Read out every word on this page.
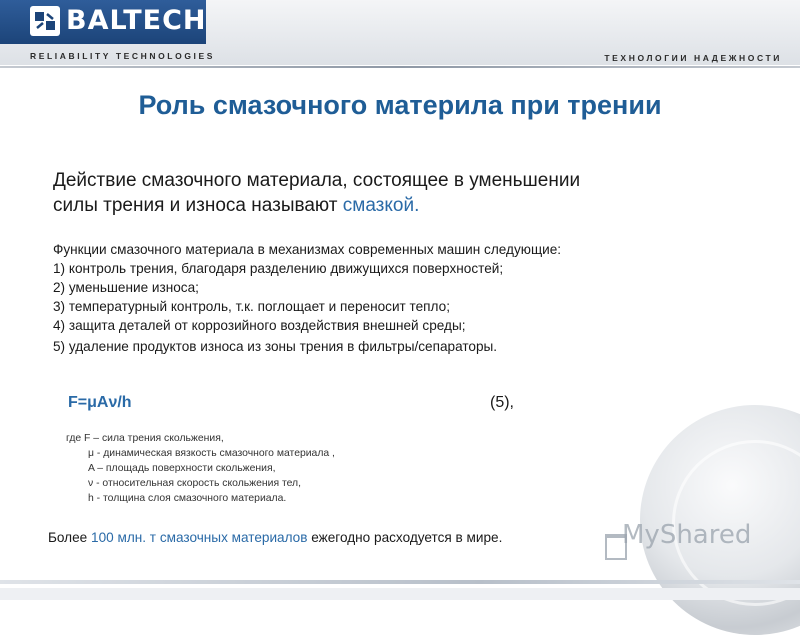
BALTECH
RELIABILITY TECHNOLOGIES	ТЕХНОЛОГИИ НАДЕЖНОСТИ
Роль смазочного материла при трении
Действие смазочного материала, состоящее в уменьшении
силы трения и износа называют смазкой.
Функции смазочного материала в механизмах современных машин следующие:
1) контроль трения, благодаря разделению движущихся поверхностей;
2) уменьшение износа;
3) температурный контроль, т.к. поглощает и переносит тепло;
4) защита деталей от коррозийного воздействия внешней среды;
5) удаление продуктов износа из зоны трения в фильтры/сепараторы.
F=μAν/h	(5),
где F – сила трения скольжения,
μ - динамическая вязкость смазочного материала ,
A – площадь поверхности скольжения,
ν - относительная скорость скольжения тел,
h - толщина слоя смазочного материала.
Более 100 млн. т смазочных материалов ежегодно расходуется в мире.	MyShared
